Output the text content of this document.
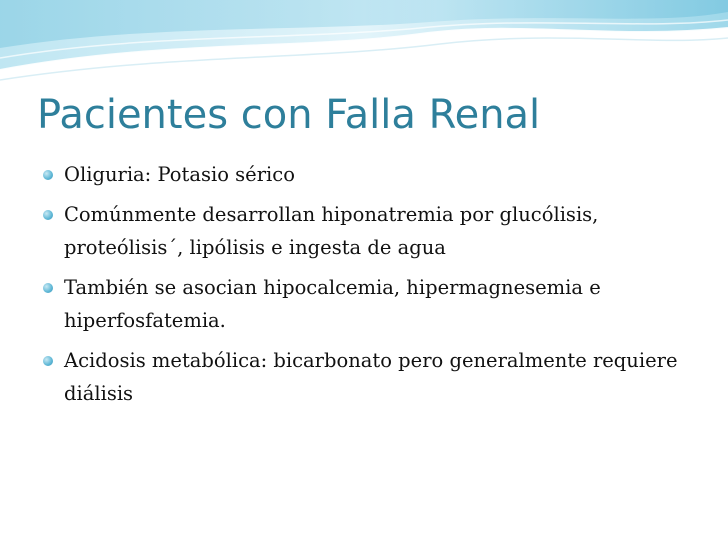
Pacientes con Falla Renal
Oliguria: Potasio sérico
Comúnmente desarrollan hiponatremia por glucólisis, proteólisis´, lipólisis e ingesta de agua
También se asocian hipocalcemia, hipermagnesemia e hiperfosfatemia.
Acidosis metabólica: bicarbonato pero generalmente requiere diálisis
